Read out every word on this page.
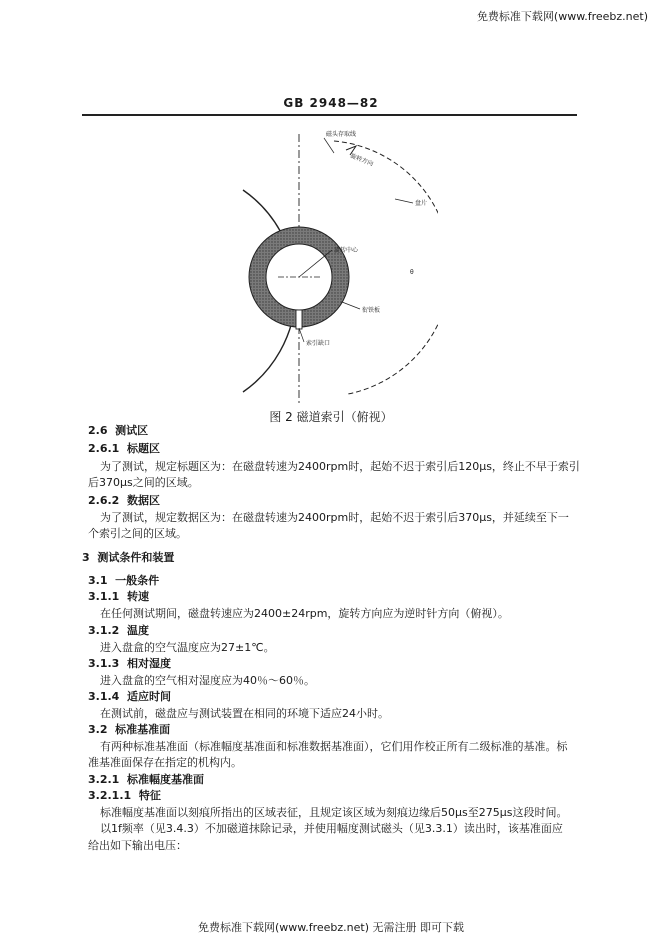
免费标准下载网(www.freebz.net)
GB 2948—82
磁头存取线
旋转方向
盘片
旋转中心
衔铁板
索引缺口
θ
图 2 磁道索引（俯视）
2.6 测试区
2.6.1 标题区
为了测试，规定标题区为：在磁盘转速为2400rpm时，起始不迟于索引后120μs，终止不早于索引
后370μs之间的区域。
2.6.2 数据区
为了测试，规定数据区为：在磁盘转速为2400rpm时，起始不迟于索引后370μs，并延续至下一
个索引之间的区域。
3 测试条件和装置
3.1 一般条件
3.1.1 转速
在任何测试期间，磁盘转速应为2400±24rpm，旋转方向应为逆时针方向（俯视）。
3.1.2 温度
进入盘盒的空气温度应为27±1℃。
3.1.3 相对湿度
进入盘盒的空气相对湿度应为40％～60％。
3.1.4 适应时间
在测试前，磁盘应与测试装置在相同的环境下适应24小时。
3.2 标准基准面
有两种标准基准面（标准幅度基准面和标准数据基准面），它们用作校正所有二级标准的基准。标
准基准面保存在指定的机构内。
3.2.1 标准幅度基准面
3.2.1.1 特征
标准幅度基准面以刻痕所指出的区域表征，且规定该区域为刻痕边缘后50μs至275μs这段时间。
以1f频率（见3.4.3）不加磁道抹除记录，并使用幅度测试磁头（见3.3.1）读出时，该基准面应
给出如下输出电压：
免费标准下载网(www.freebz.net) 无需注册 即可下载
